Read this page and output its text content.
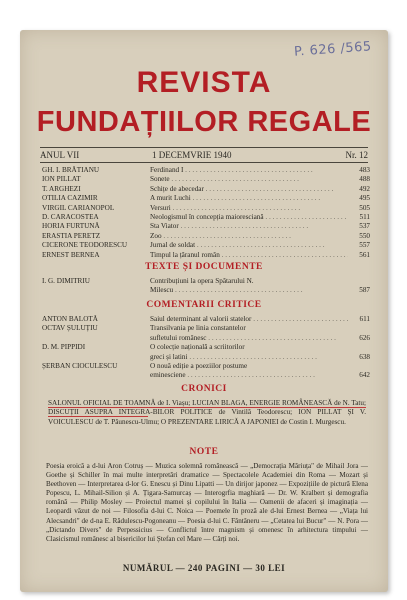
P. 626 /565
REVISTA
FUNDAȚIILOR REGALE
ANUL VII	1 DECEMVRIE 1940	Nr. 12
GH. I. BRĂTIANU	Ferdinand I . . .	483
ION PILLAT	Sonete . . .	488
T. ARGHEZI	Schițe de abecedar . . .	492
OTILIA CAZIMIR	A murit Luchi . . .	495
VIRGIL CARIANOPOL	Versuri . . .	505
D. CARACOSTEA	Neologismul în concepția maioresciană . . .	511
HORIA FURTUNĂ	Sta Viator . . .	537
ERASTIA PERETZ	Zoo . . .	550
CICERONE TEODORESCU	Jurnal de soldat . . .	557
ERNEST BERNEA	Timpul la țăranul român . . .	561
TEXTE ȘI DOCUMENTE
I. G. DIMITRIU	Contribuțiuni la opera Spătarului N.
Milescu . . .	587
COMENTARII CRITICE
ANTON BALOTĂ	Saiul determinant al valorii statelor . . .	611
OCTAV ȘULUȚIU	Transilvania pe linia constantelor
sufletului românesc . . .	626
D. M. PIPPIDI	O colecție națională a scriitorilor
greci și latini . . .	638
ȘERBAN CIOCULESCU	O nouă ediție a poeziilor postume
eminesciene . . .	642
CRONICI
SALONUL OFICIAL DE TOAMNĂ de I. Viașu; LUCIAN BLAGA, ENERGIE ROMÂNEASCĂ de N. Tatu; DISCUȚII ASUPRA INTEGRA-BILOR POLITICE de Vintilă Teodorescu; ION PILLAT ȘI V. VOICULESCU de T. Păunescu-Ulmu; O PREZENTARE LIRICĂ A JAPONIEI de Costin I. Murgescu.
NOTE
Poesia eroică a d-lui Aron Cotruș — Muzica solemnă românească — „Democrația Măriuța" de Mihail Jora — Goethe și Schiller în mai multe interpretări dramatice — Spectacolele Academiei din Roma — Mozart și Beethoven — Interpretarea d-lor G. Enescu și Dinu Lipatti — Un dirijor japonez — Expozițiile de pictură Elena Popescu, L. Mihail-Silion și A. Țigara-Samurcaș — Interogrfia maghiară — Dr. W. Kralbert și demografia română — Philip Mosley — Proiectul mamei și copilului în Italia — Oamenii de afaceri și imaginația — Leopardi văzut de noi — Filosofia d-lui C. Noica — Poemele în proză ale d-lui Ernest Bernea — „Viața lui Alecsandri" de d-na E. Rădulescu-Pogoneanu — Poesia d-lui C. Fântâneru — „Cetatea lui Bucur" — N. Pora — „Dictando Divers" de Perpessicius — Conflictul între magnism și omenesc în arhitectura timpului — Clasicismul românesc al bisericilor lui Ștefan cel Mare — Cărți noi.
NUMĂRUL — 240 PAGINI — 30 LEI
